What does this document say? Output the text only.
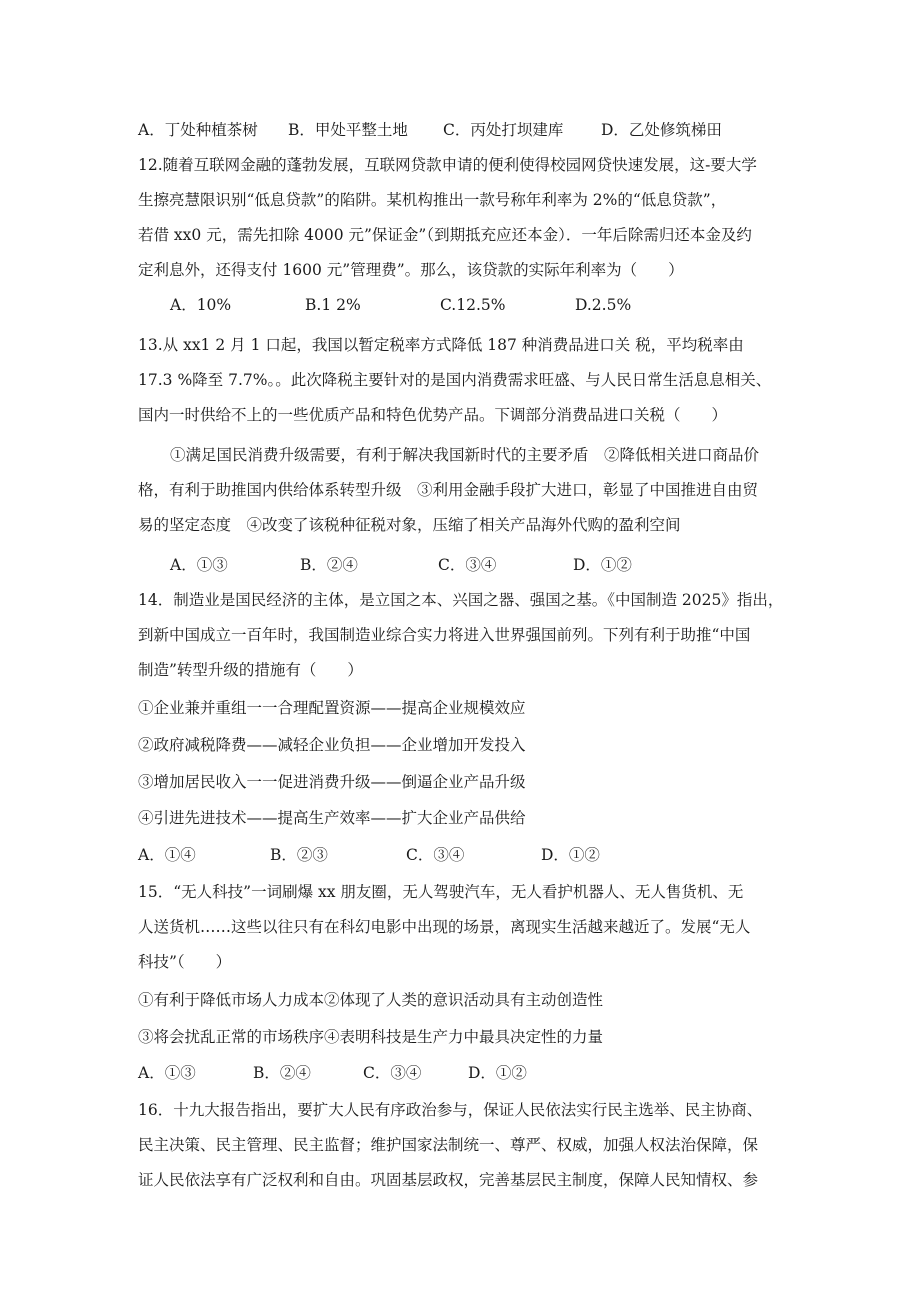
A．丁处种植茶树	B．甲处平整土地	C．丙处打坝建库	D．乙处修筑梯田
12.随着互联网金融的蓬勃发展，互联网贷款申请的便利使得校园网贷快速发展，这-要大学
生擦亮慧限识别“低息贷款”的陷阱。某机构推出一款号称年利率为 2%的“低息贷款”，
若借 xx0 元，需先扣除 4000 元”保证金”（到期抵充应还本金）．一年后除需归还本金及约
定利息外，还得支付 1600 元”管理费”。那么，该贷款的实际年利率为（　　）
A．10%	B.1 2%	C.12.5%	D.2.5%
13.从 xx1 2 月 1 口起，我国以暂定税率方式降低 187 种消费品进口关 税，平均税率由
17.3 %降至 7.7%。。此次降税主要针对的是国内消费需求旺盛、与人民日常生活息息相关、
国内一时供给不上的一些优质产品和特色优势产品。下调部分消费品进口关税（　　）
①满足国民消费升级需要，有利于解决我国新时代的主要矛盾　②降低相关进口商品价
格，有利于助推国内供给体系转型升级　③利用金融手段扩大进口，彰显了中国推进自由贸
易的坚定态度　④改变了该税种征税对象，压缩了相关产品海外代购的盈利空间
A．①③	B．②④	C．③④	D．①②
14．制造业是国民经济的主体，是立国之本、兴国之器、强国之基。《中国制造 2025》指出，
到新中国成立一百年时，我国制造业综合实力将进入世界强国前列。下列有利于助推“中国
制造”转型升级的措施有（　　）
①企业兼并重组一一合理配置资源——提高企业规模效应
②政府减税降费——减轻企业负担——企业增加开发投入
③增加居民收入一一促进消费升级——倒逼企业产品升级
④引进先进技术——提高生产效率——扩大企业产品供给
A．①④	B．②③	C．③④	D．①②
15．“无人科技”一词刷爆 xx 朋友圈，无人驾驶汽车，无人看护机器人、无人售货机、无
人送货机……这些以往只有在科幻电影中出现的场景，离现实生活越来越近了。发展“无人
科技”（　　）
①有利于降低市场人力成本②体现了人类的意识活动具有主动创造性
③将会扰乱正常的市场秩序④表明科技是生产力中最具决定性的力量
A．①③	B．②④	C．③④	D．①②
16．十九大报告指出，要扩大人民有序政治参与，保证人民依法实行民主选举、民主协商、
民主决策、民主管理、民主监督；维护国家法制统一、尊严、权威，加强人权法治保障，保
证人民依法享有广泛权利和自由。巩固基层政权，完善基层民主制度，保障人民知情权、参
